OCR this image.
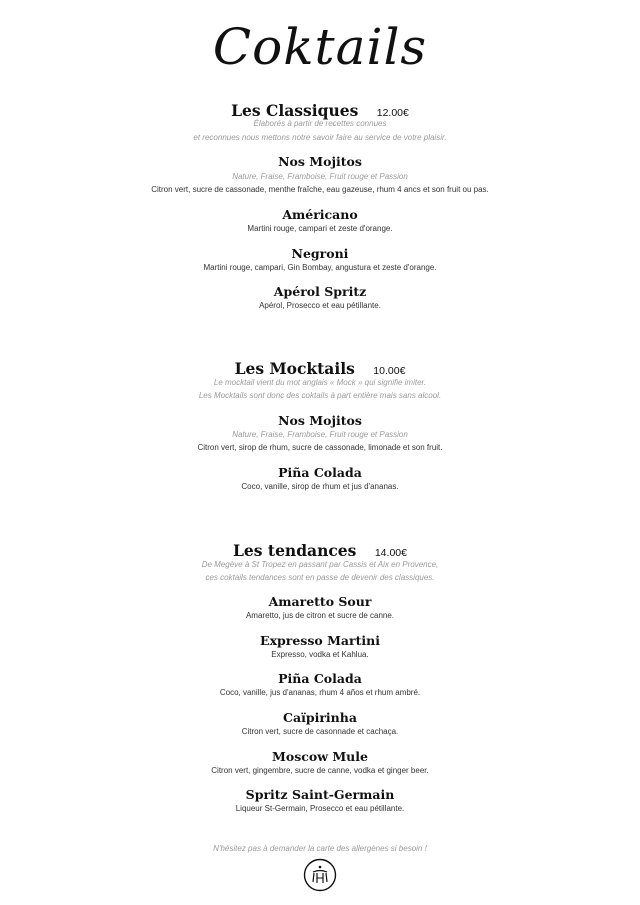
Coktails
Les Classiques 12.00€
Élaborés à partir de recettes connues
et reconnues nous mettons notre savoir faire au service de votre plaisir.
Nos Mojitos
Nature, Fraise, Framboise, Fruit rouge et Passion
Citron vert, sucre de cassonade, menthe fraîche, eau gazeuse, rhum 4 ancs et son fruit ou pas.
Américano
Martini rouge, campari et zeste d'orange.
Negroni
Martini rouge, campari, Gin Bombay, angustura et zeste d'orange.
Apérol Spritz
Apérol, Prosecco et eau pétillante.
Les Mocktails 10.00€
Le mocktail vient du mot anglais « Mock » qui signifie imiter.
Les Mocktails sont donc des coktails à part entière mais sans alcool.
Nos Mojitos
Nature, Fraise, Framboise, Fruit rouge et Passion
Citron vert, sirop de rhum, sucre de cassonade, limonade et son fruit.
Piña Colada
Coco, vanille, sirop de rhum et jus d'ananas.
Les tendances 14.00€
De Megève à St Tropez en passant par Cassis et Aix en Provence,
ces coktails tendances sont en passe de devenir des classiques.
Amaretto Sour
Amaretto, jus de citron et sucre de canne.
Expresso Martini
Expresso, vodka et Kahlua.
Piña Colada
Coco, vanille, jus d'ananas, rhum 4 años et rhum ambré.
Caïpirinha
Citron vert, sucre de casonnade et cachaça.
Moscow Mule
Citron vert, gingembre, sucre de canne, vodka et ginger beer.
Spritz Saint-Germain
Liqueur St-Germain, Prosecco et eau pétillante.
N'hésitez pas à demander la carte des allergènes si besoin !
